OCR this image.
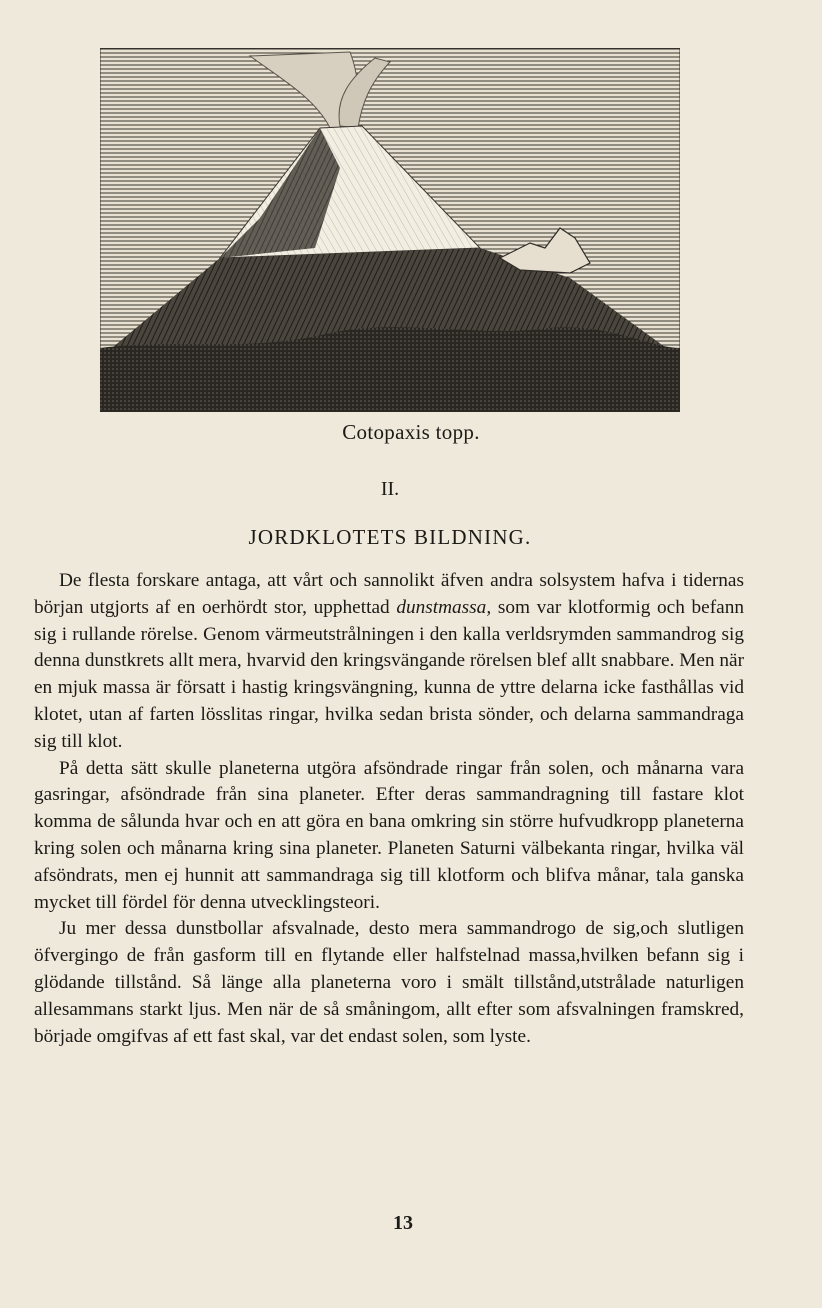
Cotopaxis topp.
II.
JORDKLOTETS BILDNING.

De flesta forskare antaga, att vårt och sannolikt äfven andra solsystem hafva i tidernas början utgjorts af en oerhördt stor, upphettad dunstmassa, som var klotformig och befann sig i rullande rörelse. Genom värmeutstrålningen i den kalla verldsrymden sammandrog sig denna dunstkrets allt mera, hvarvid den kringsvängande rörelsen blef allt snabbare. Men när en mjuk massa är försatt i hastig kringsvängning, kunna de yttre delarna icke fasthållas vid klotet, utan af farten lösslitas ringar, hvilka sedan brista sönder, och delarna sammandraga sig till klot.

På detta sätt skulle planeterna utgöra afsöndrade ringar från solen, och månarna vara gasringar, afsöndrade från sina planeter. Efter deras sammandragning till fastare klot komma de sålunda hvar och en att göra en bana omkring sin större hufvudkropp planeterna kring solen och månarna kring sina planeter. Planeten Saturni välbekanta ringar, hvilka väl afsöndrats, men ej hunnit att sammandraga sig till klotform och blifva månar, tala ganska mycket till fördel för denna utvecklingsteori.

Ju mer dessa dunstbollar afsvalnade, desto mera sammandrogo de sig,och slutligen öfvergingo de från gasform till en flytande eller halfstelnad massa,hvilken befann sig i glödande tillstånd. Så länge alla planeterna voro i smält tillstånd,utstrålade naturligen allesammans starkt ljus. Men när de så småningom, allt efter som afsvalningen framskred, började omgifvas af ett fast skal, var det endast solen, som lyste.

13
